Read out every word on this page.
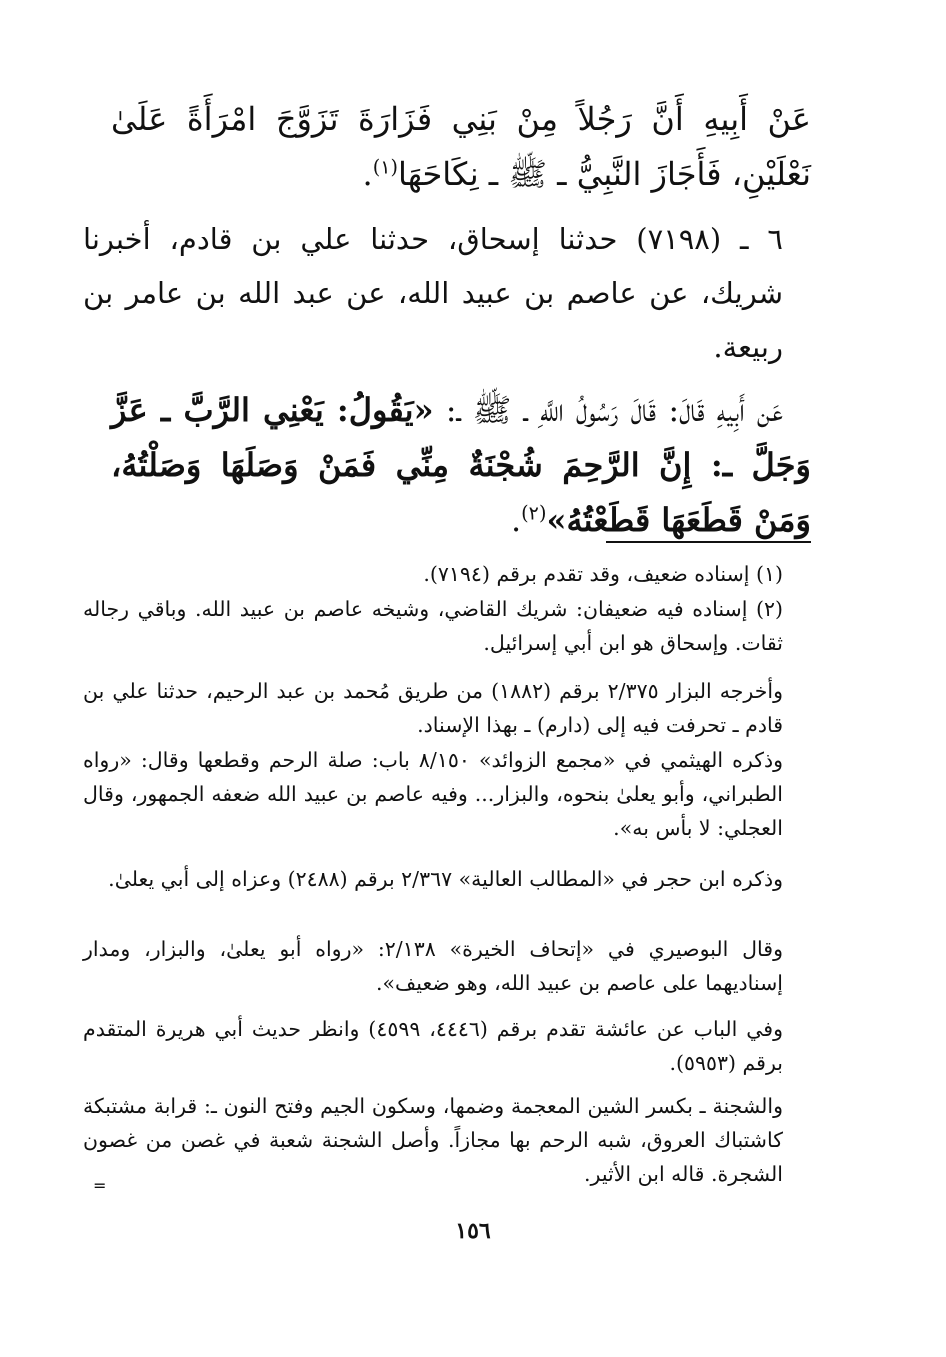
عَنْ أَبِيهِ أَنَّ رَجُلاً مِنْ بَنِي فَزَارَةَ تَزَوَّجَ امْرَأَةً عَلَىٰ نَعْلَيْنِ، فَأَجَازَ النَّبِيُّ ـ ﷺ ـ نِكَاحَهَا$^{(١)}$.

٦ ـ (٧١٩٨) حدثنا إسحاق، حدثنا علي بن قادم، أخبرنا شريك، عن عاصم بن عبيد الله، عن عبد الله بن عامر بن ربيعة.

عَن أَبِيهِ قَالَ: قَالَ رَسُولُ اللَّهِ ـ ﷺ ـ: «يَقُولُ: يَعْنِي الرَّبَّ ـ عَزَّ وَجَلَّ ـ: إِنَّ الرَّحِمَ شُجْنَةٌ مِنِّي فَمَنْ وَصَلَهَا وَصَلْتُهُ، وَمَنْ قَطَعَهَا قَطَعْتُهُ»$^{(٢)}$.

(١) إسناده ضعيف، وقد تقدم برقم (٧١٩٤).

(٢) إسناده فيه ضعيفان: شريك القاضي، وشيخه عاصم بن عبيد الله. وباقي رجاله ثقات. وإسحاق هو ابن أبي إسرائيل.

وأخرجه البزار ٢/٣٧٥ برقم (١٨٨٢) من طريق مُحمد بن عبد الرحيم، حدثنا علي بن قادم ـ تحرفت فيه إلى (دارم) ـ بهذا الإسناد.

وذكره الهيثمي في «مجمع الزوائد» ٨/١٥٠ باب: صلة الرحم وقطعها وقال: «رواه الطبراني، وأبو يعلىٰ بنحوه، والبزار... وفيه عاصم بن عبيد الله ضعفه الجمهور، وقال العجلي: لا بأس به».

وذكره ابن حجر في «المطالب العالية» ٢/٣٦٧ برقم (٢٤٨٨) وعزاه إلى أبي يعلىٰ.

وقال البوصيري في «إتحاف الخيرة» ٢/١٣٨: «رواه أبو يعلىٰ، والبزار، ومدار إسناديهما على عاصم بن عبيد الله، وهو ضعيف».

وفي الباب عن عائشة تقدم برقم (٤٤٤٦، ٤٥٩٩) وانظر حديث أبي هريرة المتقدم برقم (٥٩٥٣).

والشجنة ـ بكسر الشين المعجمة وضمها، وسكون الجيم وفتح النون ـ: قرابة مشتبكة كاشتباك العروق، شبه الرحم بها مجازاً. وأصل الشجنة شعبة في غصن من غصون الشجرة. قاله ابن الأثير.

=
١٥٦
